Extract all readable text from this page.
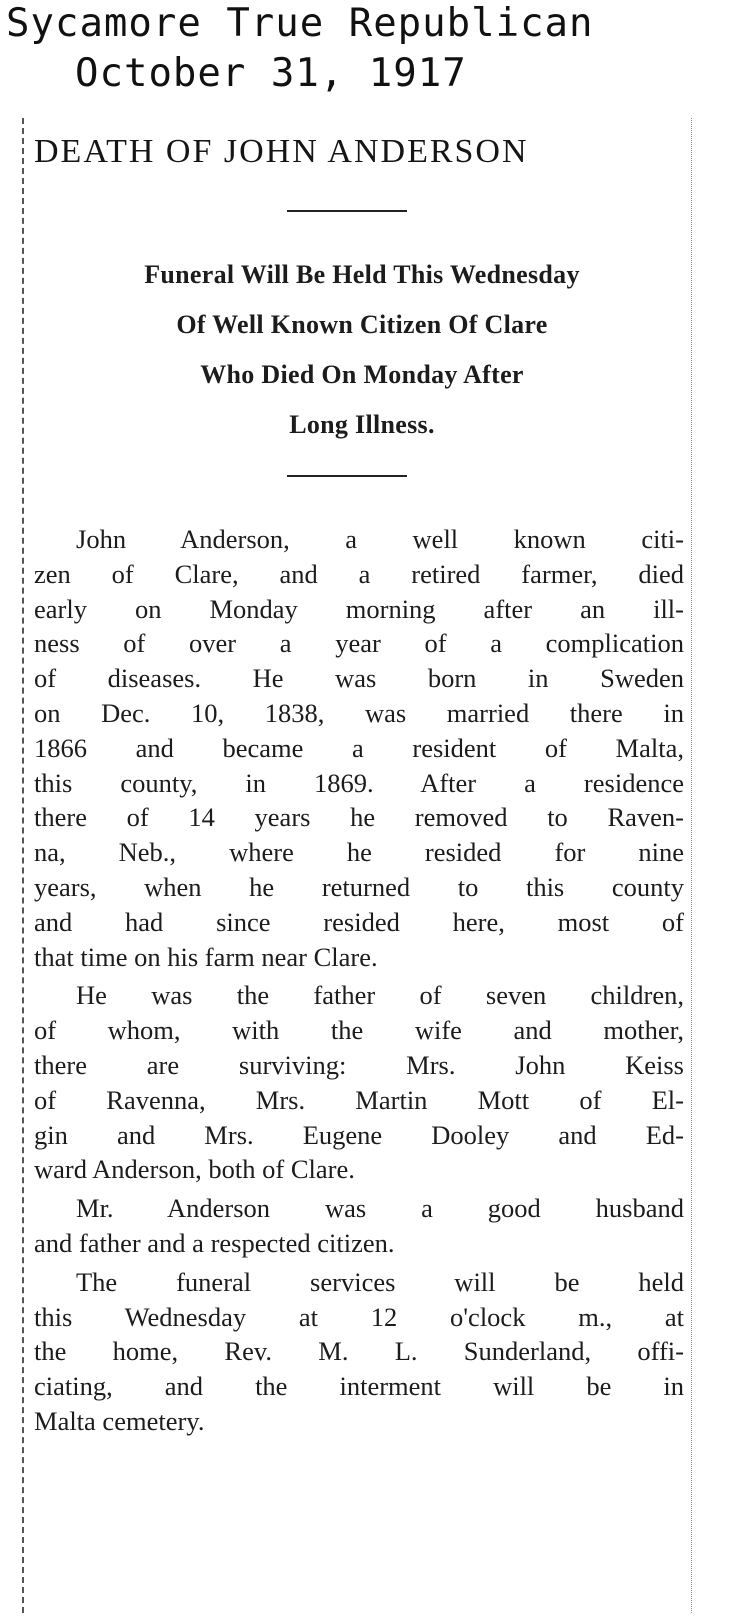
Sycamore True Republican
October 31, 1917
DEATH OF JOHN ANDERSON
Funeral Will Be Held This Wednesday
Of Well Known Citizen Of Clare
Who Died On Monday After
Long Illness.
John Anderson, a well known citi-
zen of Clare, and a retired farmer, died
early on Monday morning after an ill-
ness of over a year of a complication
of diseases. He was born in Sweden
on Dec. 10, 1838, was married there in
1866 and became a resident of Malta,
this county, in 1869. After a residence
there of 14 years he removed to Raven-
na, Neb., where he resided for nine
years, when he returned to this county
and had since resided here, most of
that time on his farm near Clare.
He was the father of seven children,
of whom, with the wife and mother,
there are surviving: Mrs. John Keiss
of Ravenna, Mrs. Martin Mott of El-
gin and Mrs. Eugene Dooley and Ed-
ward Anderson, both of Clare.
Mr. Anderson was a good husband
and father and a respected citizen.
The funeral services will be held
this Wednesday at 12 o'clock m., at
the home, Rev. M. L. Sunderland, offi-
ciating, and the interment will be in
Malta cemetery.
